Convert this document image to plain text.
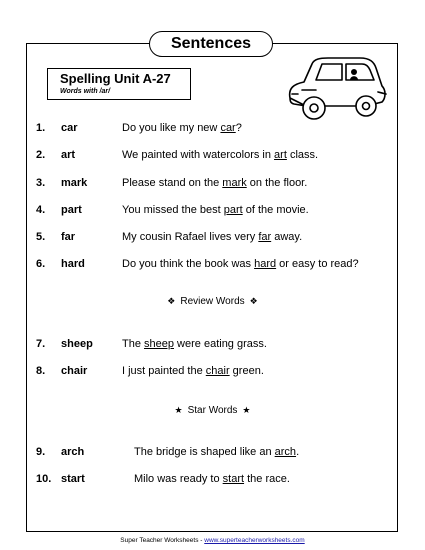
Sentences
Spelling Unit A-27
Words with /ar/
1. car	Do you like my new car?
2. art	We painted with watercolors in art class.
3. mark	Please stand on the mark on the floor.
4. part	You missed the best part of the movie.
5. far	My cousin Rafael lives very far away.
6. hard	Do you think the book was hard or easy to read?
❖ Review Words ❖
7. sheep	The sheep were eating grass.
8. chair	I just painted the chair green.
★ Star Words ★
9. arch	The bridge is shaped like an arch.
10. start	Milo was ready to start the race.
Super Teacher Worksheets - www.superteacherworksheets.com
